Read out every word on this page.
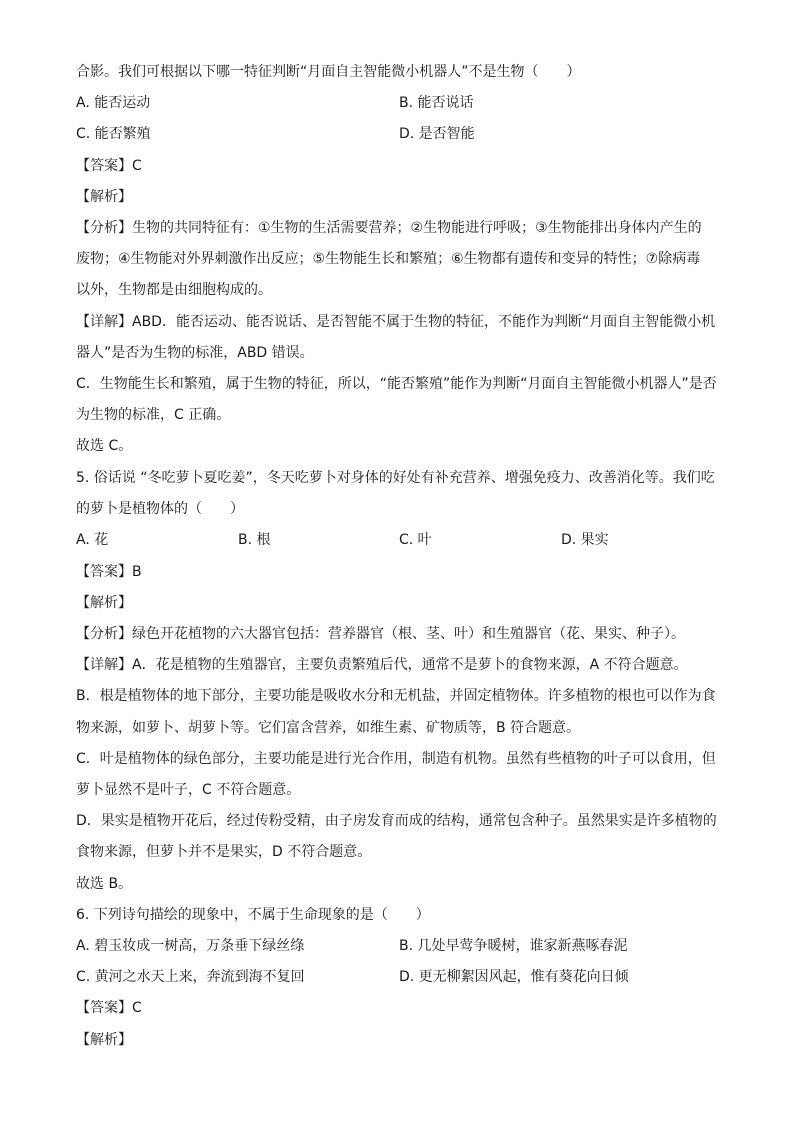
合影。我们可根据以下哪一特征判断“月面自主智能微小机器人”不是生物（　　）
A. 能否运动	B. 能否说话
C. 能否繁殖	D. 是否智能
【答案】C
【解析】
【分析】生物的共同特征有：①生物的生活需要营养；②生物能进行呼吸；③生物能排出身体内产生的
废物；④生物能对外界刺激作出反应；⑤生物能生长和繁殖；⑥生物都有遗传和变异的特性；⑦除病毒
以外，生物都是由细胞构成的。
【详解】ABD．能否运动、能否说话、是否智能不属于生物的特征，不能作为判断“月面自主智能微小机
器人”是否为生物的标准，ABD 错误。
C．生物能生长和繁殖，属于生物的特征，所以，“能否繁殖”能作为判断“月面自主智能微小机器人”是否
为生物的标准，C 正确。
故选 C。
5. 俗话说 “冬吃萝卜夏吃姜”，冬天吃萝卜对身体的好处有补充营养、增强免疫力、改善消化等。我们吃
的萝卜是植物体的（　　）
A. 花	B. 根	C. 叶	D. 果实
【答案】B
【解析】
【分析】绿色开花植物的六大器官包括：营养器官（根、茎、叶）和生殖器官（花、果实、种子）。
【详解】A．花是植物的生殖器官，主要负责繁殖后代，通常不是萝卜的食物来源，A 不符合题意。
B．根是植物体的地下部分，主要功能是吸收水分和无机盐，并固定植物体。许多植物的根也可以作为食
物来源，如萝卜、胡萝卜等。它们富含营养，如维生素、矿物质等，B 符合题意。
C．叶是植物体的绿色部分，主要功能是进行光合作用，制造有机物。虽然有些植物的叶子可以食用，但
萝卜显然不是叶子，C 不符合题意。
D．果实是植物开花后，经过传粉受精，由子房发育而成的结构，通常包含种子。虽然果实是许多植物的
食物来源，但萝卜并不是果实，D 不符合题意。
故选 B。
6. 下列诗句描绘的现象中，不属于生命现象的是（　　）
A. 碧玉妆成一树高，万条垂下绿丝绦	B. 几处早莺争暖树，谁家新燕啄春泥
C. 黄河之水天上来，奔流到海不复回	D. 更无柳絮因风起，惟有葵花向日倾
【答案】C
【解析】
